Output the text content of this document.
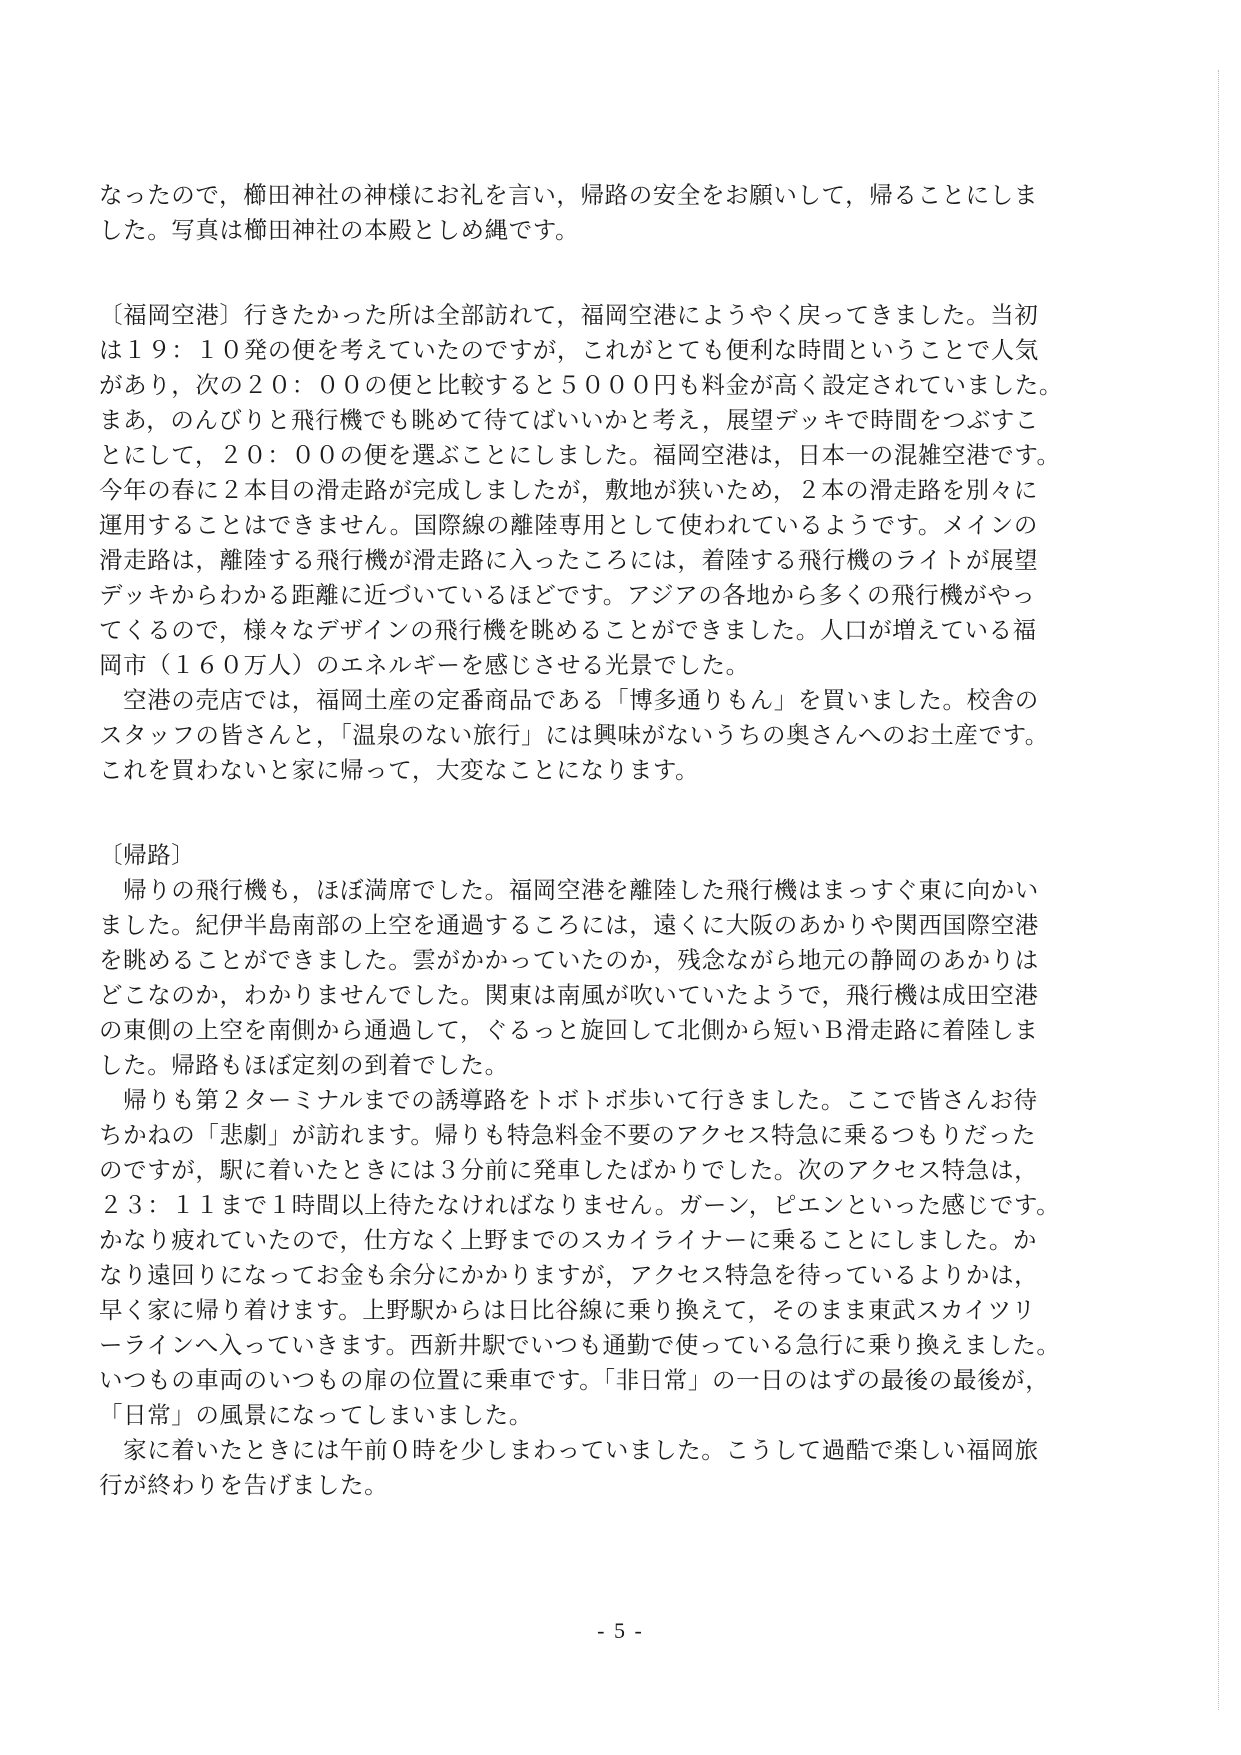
なったので，櫛田神社の神様にお礼を言い，帰路の安全をお願いして，帰ることにしま
した。写真は櫛田神社の本殿としめ縄です。
〔福岡空港〕行きたかった所は全部訪れて，福岡空港にようやく戻ってきました。当初
は１９：１０発の便を考えていたのですが，これがとても便利な時間ということで人気
があり，次の２０：００の便と比較すると５０００円も料金が高く設定されていました。
まあ，のんびりと飛行機でも眺めて待てばいいかと考え，展望デッキで時間をつぶすこ
とにして，２０：００の便を選ぶことにしました。福岡空港は，日本一の混雑空港です。
今年の春に２本目の滑走路が完成しましたが，敷地が狭いため，２本の滑走路を別々に
運用することはできません。国際線の離陸専用として使われているようです。メインの
滑走路は，離陸する飛行機が滑走路に入ったころには，着陸する飛行機のライトが展望
デッキからわかる距離に近づいているほどです。アジアの各地から多くの飛行機がやっ
てくるので，様々なデザインの飛行機を眺めることができました。人口が増えている福
岡市（１６０万人）のエネルギーを感じさせる光景でした。
　空港の売店では，福岡土産の定番商品である「博多通りもん」を買いました。校舎の
スタッフの皆さんと，「温泉のない旅行」には興味がないうちの奥さんへのお土産です。
これを買わないと家に帰って，大変なことになります。
〔帰路〕
　帰りの飛行機も，ほぼ満席でした。福岡空港を離陸した飛行機はまっすぐ東に向かい
ました。紀伊半島南部の上空を通過するころには，遠くに大阪のあかりや関西国際空港
を眺めることができました。雲がかかっていたのか，残念ながら地元の静岡のあかりは
どこなのか，わかりませんでした。関東は南風が吹いていたようで，飛行機は成田空港
の東側の上空を南側から通過して，ぐるっと旋回して北側から短いＢ滑走路に着陸しま
した。帰路もほぼ定刻の到着でした。
　帰りも第２ターミナルまでの誘導路をトボトボ歩いて行きました。ここで皆さんお待
ちかねの「悲劇」が訪れます。帰りも特急料金不要のアクセス特急に乗るつもりだった
のですが，駅に着いたときには３分前に発車したばかりでした。次のアクセス特急は，
２３：１１まで１時間以上待たなければなりません。ガーン，ピエンといった感じです。
かなり疲れていたので，仕方なく上野までのスカイライナーに乗ることにしました。か
なり遠回りになってお金も余分にかかりますが，アクセス特急を待っているよりかは，
早く家に帰り着けます。上野駅からは日比谷線に乗り換えて，そのまま東武スカイツリ
ーラインへ入っていきます。西新井駅でいつも通勤で使っている急行に乗り換えました。
いつもの車両のいつもの扉の位置に乗車です。「非日常」の一日のはずの最後の最後が，
「日常」の風景になってしまいました。
　家に着いたときには午前０時を少しまわっていました。こうして過酷で楽しい福岡旅
行が終わりを告げました。
- 5 -
